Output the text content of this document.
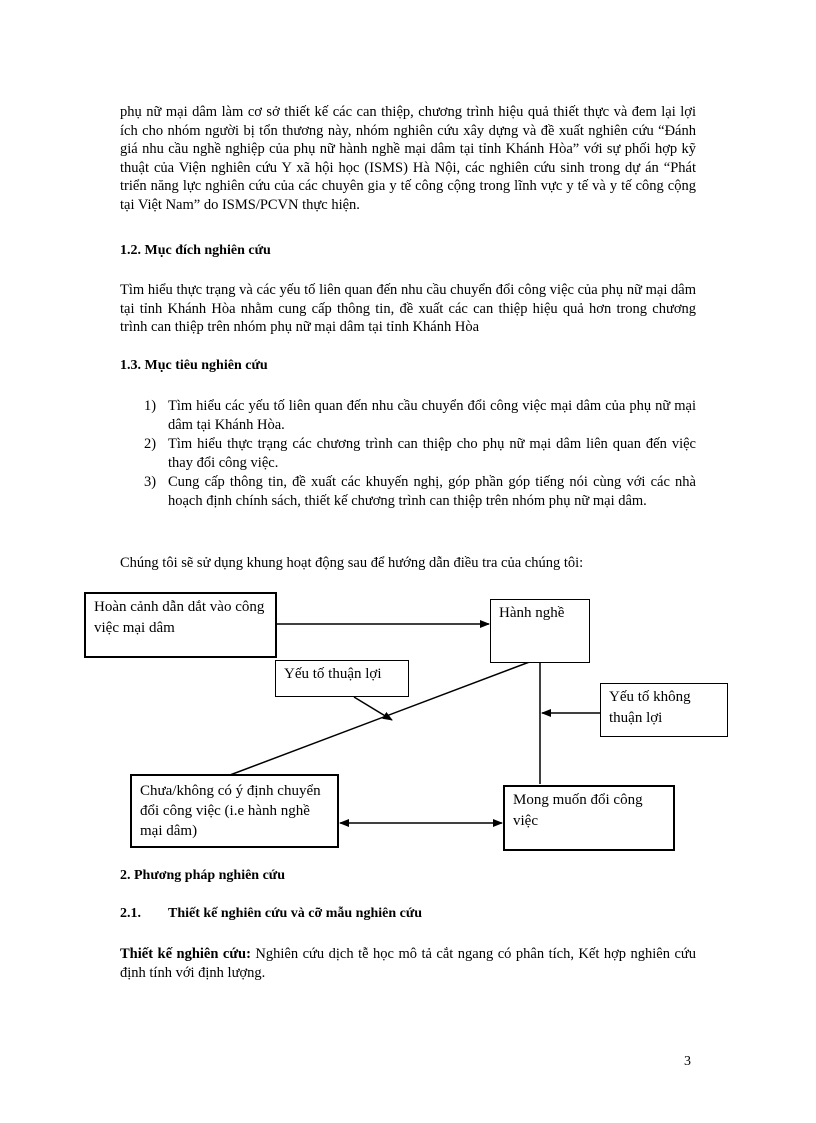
phụ nữ mại dâm làm cơ sở thiết kế các can thiệp, chương trình hiệu quả thiết thực và đem lại lợi ích cho nhóm người bị tổn thương này, nhóm nghiên cứu xây dựng và đề xuất nghiên cứu “Đánh giá nhu cầu nghề nghiệp của phụ nữ hành nghề mại dâm tại tỉnh Khánh Hòa” với sự phối hợp kỹ thuật của Viện nghiên cứu Y xã hội học (ISMS) Hà Nội, các nghiên cứu sinh trong dự án “Phát triển năng lực nghiên cứu của các chuyên gia y tế công cộng trong lĩnh vực y tế và y tế công cộng tại Việt Nam” do ISMS/PCVN thực hiện.

1.2. Mục đích nghiên cứu

Tìm hiểu thực trạng và các yếu tố liên quan đến nhu cầu chuyển đổi công việc của phụ nữ mại dâm tại tỉnh Khánh Hòa nhằm cung cấp thông tin, đề xuất các can thiệp hiệu quả hơn trong chương trình can thiệp trên nhóm phụ nữ mại dâm tại tỉnh Khánh Hòa

1.3. Mục tiêu nghiên cứu

1) Tìm hiểu các yếu tố liên quan đến nhu cầu chuyển đổi công việc mại dâm của phụ nữ mại dâm tại Khánh Hòa.
2) Tìm hiểu thực trạng các chương trình can thiệp cho phụ nữ mại dâm liên quan đến việc thay đổi công việc.
3) Cung cấp thông tin, đề xuất các khuyến nghị, góp phần góp tiếng nói cùng với các nhà hoạch định chính sách, thiết kế chương trình can thiệp trên nhóm phụ nữ mại dâm.

Chúng tôi sẽ sử dụng khung hoạt động sau để hướng dẫn điều tra của chúng tôi:

Hoàn cảnh dẫn dắt vào công việc mại dâm
Hành nghề
Yếu tố thuận lợi
Yếu tố không thuận lợi
Chưa/không có ý định chuyển đổi công việc (i.e hành nghề mại dâm)
Mong muốn đổi công việc

2. Phương pháp nghiên cứu

2.1. Thiết kế nghiên cứu và cỡ mẫu nghiên cứu

Thiết kế nghiên cứu: Nghiên cứu dịch tễ học mô tả cắt ngang có phân tích, Kết hợp nghiên cứu định tính với định lượng.

3
